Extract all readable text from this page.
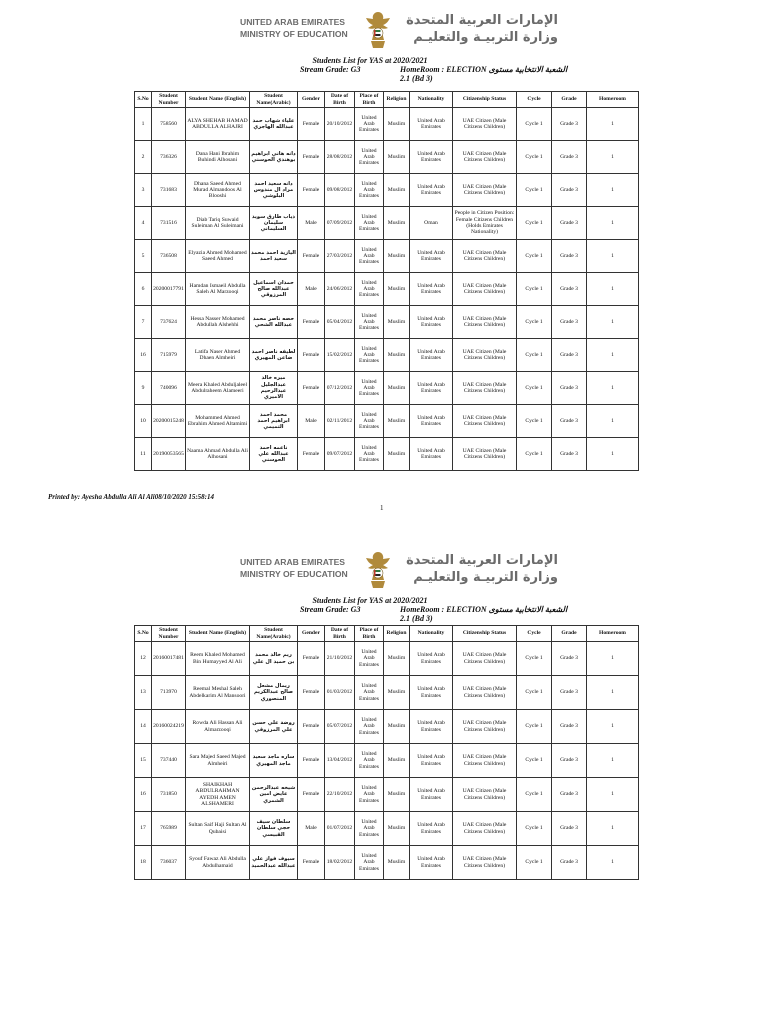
UNITED ARAB EMIRATES
MINISTRY OF EDUCATION
الإمارات العربية المتحدة
وزارة التربيـة والتعليـم
Students List for YAS at 2020/2021
Stream Grade: G3	HomeRoom : ELECTION الشعبة الانتخابية مستوى
2.1 (Bd 3)
S.No	Student Number	Student Name (English)	Student Name(Arabic)	Gender	Date of Birth	Place of Birth	Religion	Nationality	Citizenship Status	Cycle	Grade	Homeroom
1	758560	ALYA SHEHAB HAMAD ABDULLA ALHAJRI	علياء شهاب حمد عبدالله الهاجري	Female	20/10/2012	United Arab Emirates	Muslim	United Arab Emirates	UAE Citizen (Male Citizens Children)	Cycle 1	Grade 3	1
2	736326	Dana Hani Ibrahim Buhindi Alhosani	دانه هاني ابراهيم بوهندي الحوسني	Female	28/08/2012	United Arab Emirates	Muslim	United Arab Emirates	UAE Citizen (Male Citizens Children)	Cycle 1	Grade 3	1
3	731683	Dhana Saeed Ahmed Murad Almandoos Al Blooshi	دانه سعيد احمد مراد ال مندوس البلوشي	Female	09/08/2012	United Arab Emirates	Muslim	United Arab Emirates	UAE Citizen (Male Citizens Children)	Cycle 1	Grade 3	1
4	731516	Diab Tariq Suwaid Suleiman Al Suleimani	ذياب طارق سويد سليمان السليماني	Male	07/09/2012	United Arab Emirates	Muslim	Oman	People in Citizen Position: Female Citizens Children (Holds Emirates Nationality)	Cycle 1	Grade 3	1
5	736508	Elyazia Ahmed Mohamed Saeed Ahmed	اليازية احمد محمد سعيد احمد	Female	27/03/2012	United Arab Emirates	Muslim	United Arab Emirates	UAE Citizen (Male Citizens Children)	Cycle 1	Grade 3	1
6	20200017791	Hamdan Ismaeil Abdulla Saleh Al Marzooqi	حمدان اسماعيل عبدالله صالح المرزوقي	Male	24/06/2012	United Arab Emirates	Muslim	United Arab Emirates	UAE Citizen (Male Citizens Children)	Cycle 1	Grade 3	1
7	737624	Hessa Nasser Mohamed Abdullah Alshehhi	حصه ناصر محمد عبدالله الشحي	Female	05/04/2012	United Arab Emirates	Muslim	United Arab Emirates	UAE Citizen (Male Citizens Children)	Cycle 1	Grade 3	1
16	715979	Latifa Naser Ahmed Dhaen Almheiri	لطيفه ناصر احمد ضاعن المهيري	Female	15/02/2012	United Arab Emirates	Muslim	United Arab Emirates	UAE Citizen (Male Citizens Children)	Cycle 1	Grade 3	1
9	740096	Meera Khaled Abduljaleel Abdulraheem Alameeri	ميره خالد عبدالجليل عبدالرحيم الاميري	Female	07/12/2012	United Arab Emirates	Muslim	United Arab Emirates	UAE Citizen (Male Citizens Children)	Cycle 1	Grade 3	1
10	20200015248	Mohammed Ahmed Ebrahim Ahmed Altamimi	محمد احمد ابراهيم احمد التميمي	Male	02/11/2012	United Arab Emirates	Muslim	United Arab Emirates	UAE Citizen (Male Citizens Children)	Cycle 1	Grade 3	1
11	20190053565	Naama Ahmad Abdulla Ali Alhosani	ناعمه احمد عبدالله علي الحوسني	Female	09/07/2012	United Arab Emirates	Muslim	United Arab Emirates	UAE Citizen (Male Citizens Children)	Cycle 1	Grade 3	1
Printed by: Ayesha Abdulla Ali Al Ali08/10/2020 15:58:14
1
UNITED ARAB EMIRATES
MINISTRY OF EDUCATION
الإمارات العربية المتحدة
وزارة التربيـة والتعليـم
Students List for YAS at 2020/2021
Stream Grade: G3	HomeRoom : ELECTION الشعبة الانتخابية مستوى
2.1 (Bd 3)
S.No	Student Number	Student Name (English)	Student Name(Arabic)	Gender	Date of Birth	Place of Birth	Religion	Nationality	Citizenship Status	Cycle	Grade	Homeroom
12	20160017481	Reem Khaled Mohamed Bin Humayyed Al Ali	ريم خالد محمد بن حميد ال علي	Female	21/10/2012	United Arab Emirates	Muslim	United Arab Emirates	UAE Citizen (Male Citizens Children)	Cycle 1	Grade 3	1
13	713970	Reemal Meshal Saleh Abdelkarim Al Mansoori	ريمال مشعل صالح عبدالكريم المنصوري	Female	01/03/2012	United Arab Emirates	Muslim	United Arab Emirates	UAE Citizen (Male Citizens Children)	Cycle 1	Grade 3	1
14	20160024219	Rowda Ali Hassan Ali Almarzooqi	روضة علي حسن علي المرزوقي	Female	05/07/2012	United Arab Emirates	Muslim	United Arab Emirates	UAE Citizen (Male Citizens Children)	Cycle 1	Grade 3	1
15	737440	Sara Majed Saeed Majed Almheiri	ساره ماجد سعيد ماجد المهيري	Female	13/04/2012	United Arab Emirates	Muslim	United Arab Emirates	UAE Citizen (Male Citizens Children)	Cycle 1	Grade 3	1
16	731850	SHAIKHAH ABDULRAHMAN AYEDH AMEN ALSHAMERI	شيخه عبدالرحمن عايض امين الشمري	Female	22/10/2012	United Arab Emirates	Muslim	United Arab Emirates	UAE Citizen (Male Citizens Children)	Cycle 1	Grade 3	1
17	765989	Sultan Saif Haji Sultan Al Qubaisi	سلطان سيف حجي سلطان القبيسي	Male	01/07/2012	United Arab Emirates	Muslim	United Arab Emirates	UAE Citizen (Male Citizens Children)	Cycle 1	Grade 3	1
18	736037	Syouf Fawaz Ali Abdulla Abdulhamaid	سيوف فواز علي عبدالله عبدالحميد	Female	18/02/2012	United Arab Emirates	Muslim	United Arab Emirates	UAE Citizen (Male Citizens Children)	Cycle 1	Grade 3	1
